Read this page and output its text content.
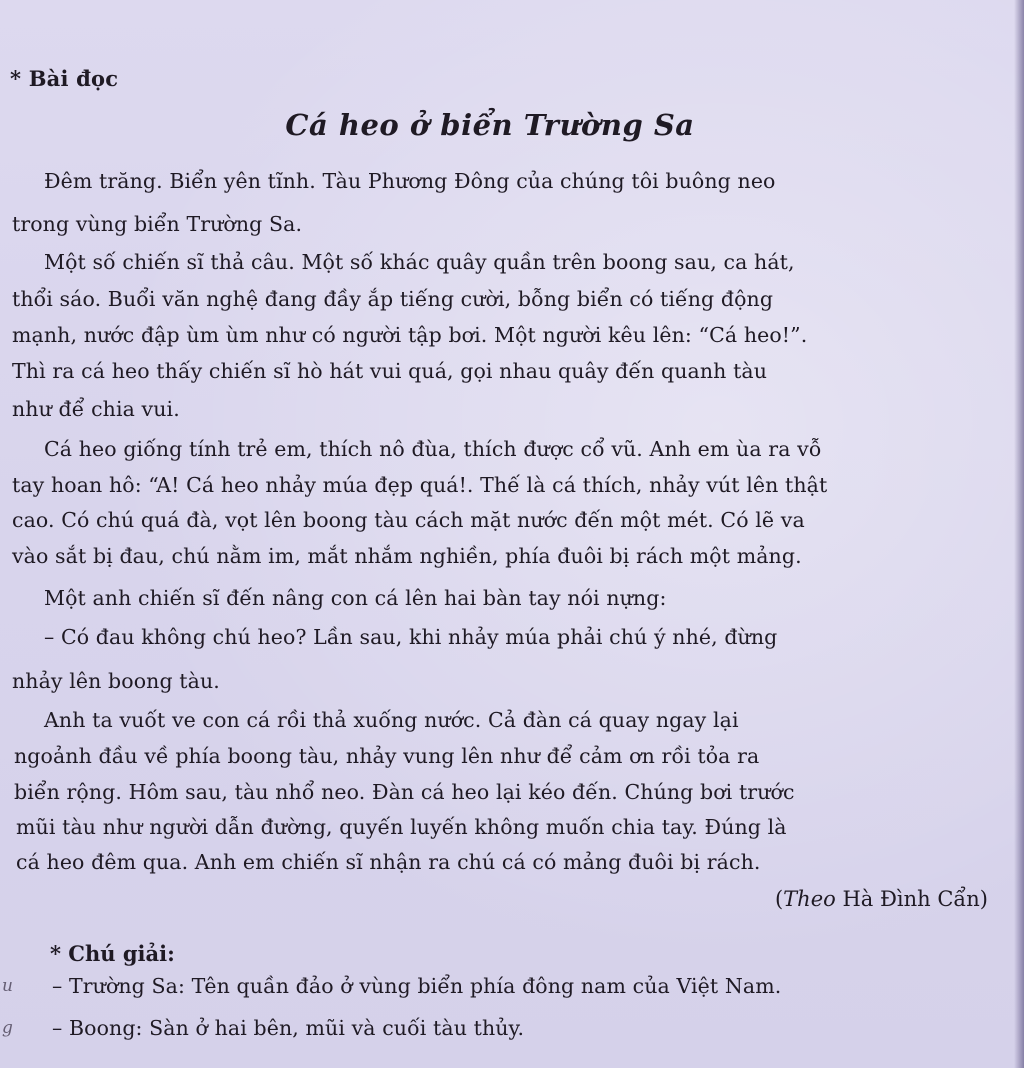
* Bài đọc
Cá heo ở biển Trường Sa
Đêm trăng. Biển yên tĩnh. Tàu Phương Đông của chúng tôi buông neo
trong vùng biển Trường Sa.
Một số chiến sĩ thả câu. Một số khác quây quần trên boong sau, ca hát,
thổi sáo. Buổi văn nghệ đang đầy ắp tiếng cười, bỗng biển có tiếng động
mạnh, nước đập ùm ùm như có người tập bơi. Một người kêu lên: “Cá heo!”.
Thì ra cá heo thấy chiến sĩ hò hát vui quá, gọi nhau quây đến quanh tàu
như để chia vui.
Cá heo giống tính trẻ em, thích nô đùa, thích được cổ vũ. Anh em ùa ra vỗ
tay hoan hô: “A! Cá heo nhảy múa đẹp quá!. Thế là cá thích, nhảy vút lên thật
cao. Có chú quá đà, vọt lên boong tàu cách mặt nước đến một mét. Có lẽ va
vào sắt bị đau, chú nằm im, mắt nhắm nghiền, phía đuôi bị rách một mảng.
Một anh chiến sĩ đến nâng con cá lên hai bàn tay nói nựng:
– Có đau không chú heo? Lần sau, khi nhảy múa phải chú ý nhé, đừng
nhảy lên boong tàu.
Anh ta vuốt ve con cá rồi thả xuống nước. Cả đàn cá quay ngay lại
ngoảnh đầu về phía boong tàu, nhảy vung lên như để cảm ơn rồi tỏa ra
biển rộng. Hôm sau, tàu nhổ neo. Đàn cá heo lại kéo đến. Chúng bơi trước
mũi tàu như người dẫn đường, quyến luyến không muốn chia tay. Đúng là
cá heo đêm qua. Anh em chiến sĩ nhận ra chú cá có mảng đuôi bị rách.
(Theo Hà Đình Cẩn)
* Chú giải:
– Trường Sa: Tên quần đảo ở vùng biển phía đông nam của Việt Nam.
– Boong: Sàn ở hai bên, mũi và cuối tàu thủy.
u
g
